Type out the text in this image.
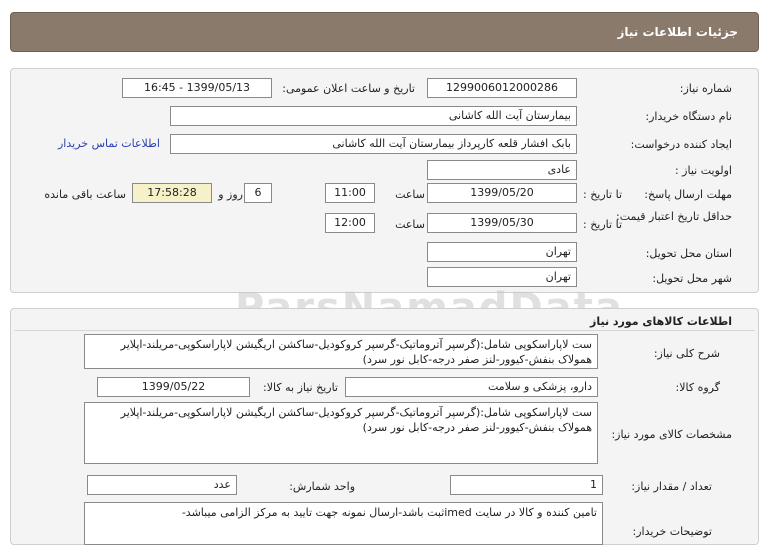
جزئیات اطلاعات نیاز
شماره نیاز:
1299006012000286
تاریخ و ساعت اعلان عمومی:
1399/05/13 - 16:45
نام دستگاه خریدار:
بیمارستان آیت الله کاشانی
ایجاد کننده درخواست:
بابک افشار قلعه کارپرداز بیمارستان آیت الله کاشانی
اطلاعات تماس خریدار
اولویت نیاز :
عادی
مهلت ارسال پاسخ:
تا تاریخ :
1399/05/20
ساعت
11:00
6
روز و
17:58:28
ساعت باقی مانده
حداقل تاریخ اعتبار قیمت:
تا تاریخ :
1399/05/30
ساعت
12:00
استان محل تحویل:
تهران
شهر محل تحویل:
تهران
اطلاعات کالاهای مورد نیاز
شرح کلی نیاز:
ست لاپاراسکوپی شامل:(گرسپر آتروماتیک-گرسپر کروکودیل-ساکشن اریگیشن لاپاراسکوپی-مریلند-اپلایر همولاک بنفش-کیوور-لنز صفر درجه-کابل نور سرد)
گروه کالا:
دارو، پزشکی و سلامت
تاریخ نیاز به کالا:
1399/05/22
مشخصات کالای مورد نیاز:
ست لاپاراسکوپی شامل:(گرسپر آتروماتیک-گرسپر کروکودیل-ساکشن اریگیشن لاپاراسکوپی-مریلند-اپلایر همولاک بنفش-کیوور-لنز صفر درجه-کابل نور سرد)
تعداد / مقدار نیاز:
1
واحد شمارش:
عدد
توضیحات خریدار:
تامین کننده و کالا در سایت imedثبت باشد-ارسال نمونه جهت تایید به مرکز الزامی میباشد-
